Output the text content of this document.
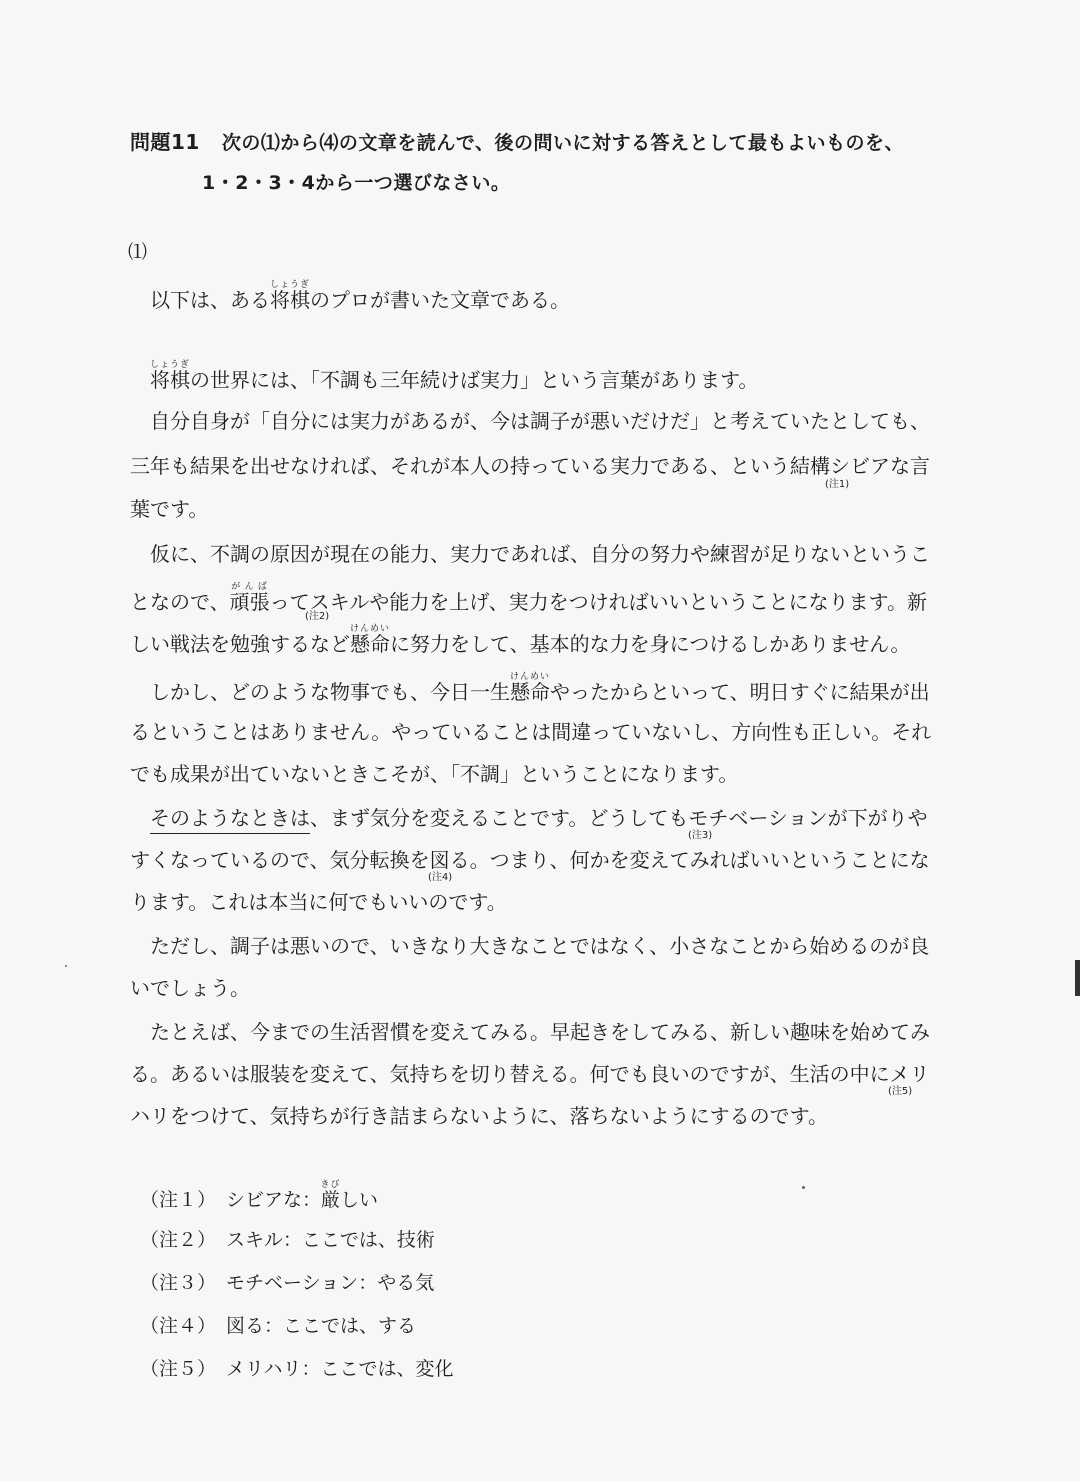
問題11 次の⑴から⑷の文章を読んで、後の問いに対する答えとして最もよいものを、
1・2・3・4から一つ選びなさい。
⑴
以下は、ある将棋しょうぎのプロが書いた文章である。
将棋しょうぎの世界には、「不調も三年続けば実力」という言葉があります。
自分自身が「自分には実力があるが、今は調子が悪いだけだ」と考えていたとしても、
三年も結果を出せなければ、それが本人の持っている実力である、という結構シビアな言
(注1)
葉です。
仮に、不調の原因が現在の能力、実力であれば、自分の努力や練習が足りないというこ
となので、頑張がんばってスキルや能力を上げ、実力をつければいいということになります。新
(注2)
しい戦法を勉強するなど懸命けんめいに努力をして、基本的な力を身につけるしかありません。
しかし、どのような物事でも、今日一生懸命けんめいやったからといって、明日すぐに結果が出
るということはありません。やっていることは間違っていないし、方向性も正しい。それ
でも成果が出ていないときこそが、「不調」ということになります。
そのようなときは、まず気分を変えることです。どうしてもモチベーションが下がりや
(注3)
すくなっているので、気分転換を図る。つまり、何かを変えてみればいいということにな
(注4)
ります。これは本当に何でもいいのです。
ただし、調子は悪いので、いきなり大きなことではなく、小さなことから始めるのが良
いでしょう。
たとえば、今までの生活習慣を変えてみる。早起きをしてみる、新しい趣味を始めてみ
る。あるいは服装を変えて、気持ちを切り替える。何でも良いのですが、生活の中にメリ
(注5)
ハリをつけて、気持ちが行き詰まらないように、落ちないようにするのです。
（注１） シビアな：厳きびしい
（注２） スキル：ここでは、技術
（注３） モチベーション：やる気
（注４） 図る：ここでは、する
（注５） メリハリ：ここでは、変化
